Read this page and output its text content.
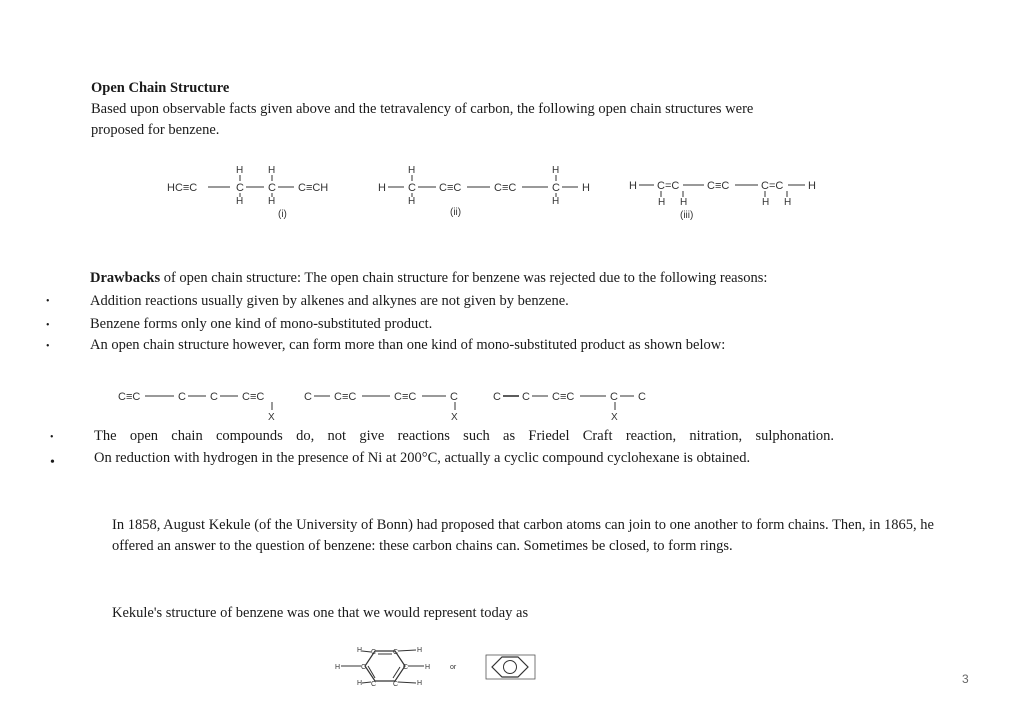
Open Chain Structure
Based upon observable facts given above and the tetravalency of carbon, the following open chain structures were
proposed for benzene.
HC≡C	C C C≡CH
H H
H H
(i)
H C C≡C	C≡C	C H
H	H
H	H
(ii)
H C=C	C≡C	C=C H
H H	H H
(iii)
Drawbacks of open chain structure: The open chain structure for benzene was rejected due to the following reasons:
•	Addition reactions usually given by alkenes and alkynes are not given by benzene.
•	Benzene forms only one kind of mono-substituted product.
•	An open chain structure however, can form more than one kind of mono-substituted product as shown below:
C≡C	C C C≡C
X
C C≡C	C≡C	C
X
C C C≡C	C C
X
•	The open chain compounds do, not give reactions such as Friedel Craft reaction, nitration, sulphonation.
•	On reduction with hydrogen in the presence of Ni at 200°C, actually a cyclic compound cyclohexane is obtained.
In 1858, August Kekule (of the University of Bonn) had proposed that carbon atoms can join to one another to form chains. Then, in 1865, he offered an answer to the question of benzene: these carbon chains can. Sometimes be closed, to form rings.
Kekule's structure of benzene was one that we would represent today as
C C
C
C
C
C
H	H
H
H
H
H	or
3
